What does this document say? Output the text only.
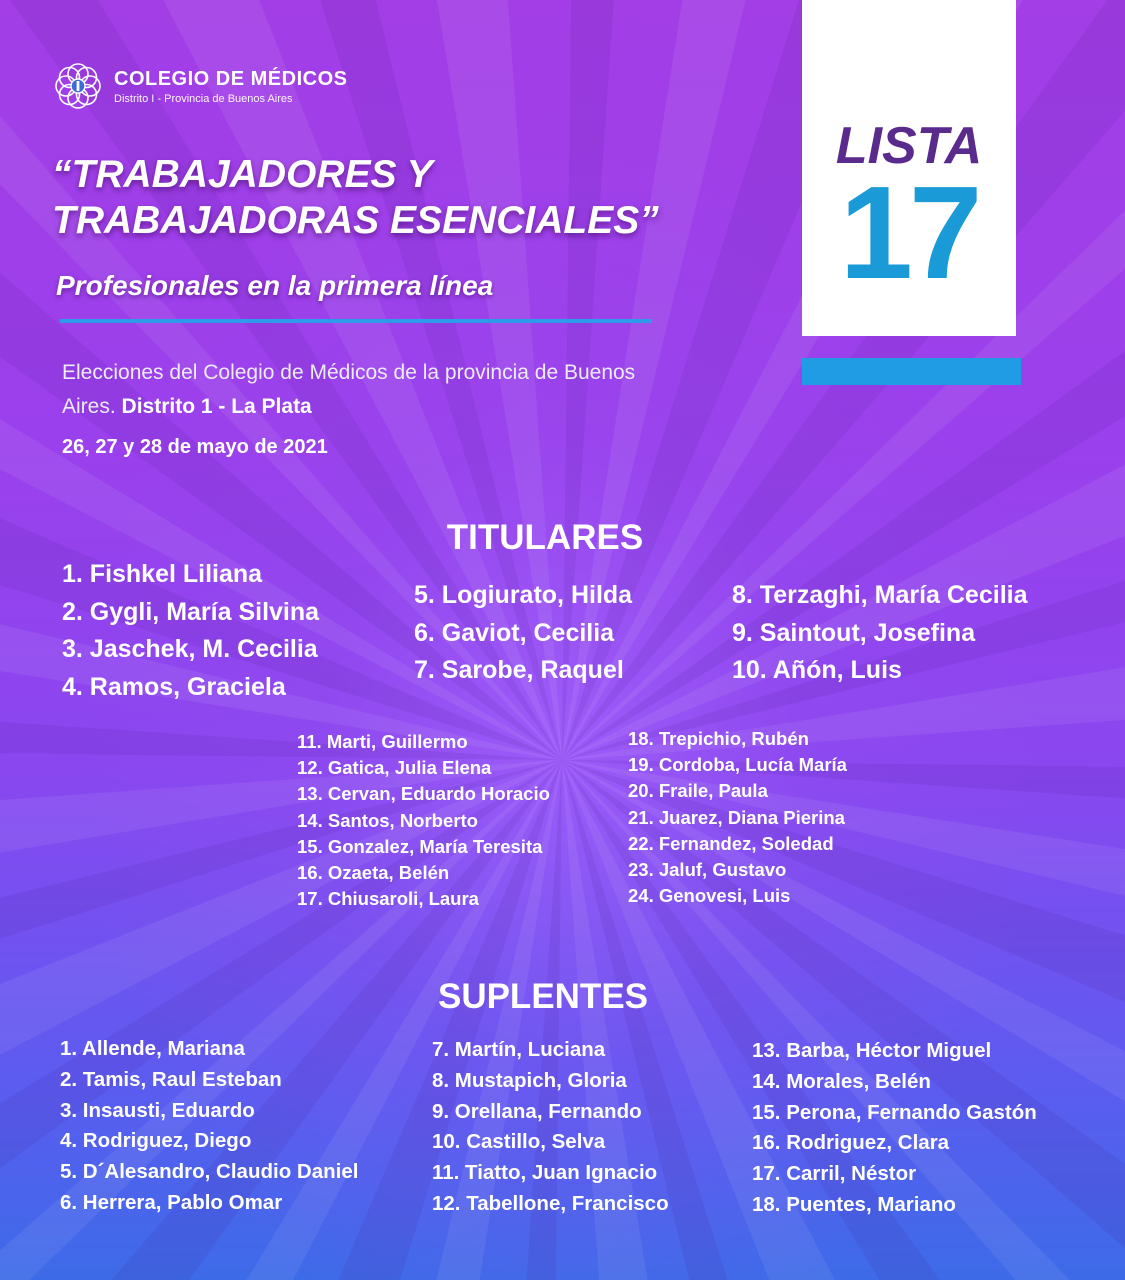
COLEGIO DE MÉDICOS
Distrito I - Provincia de Buenos Aires
“TRABAJADORES Y
TRABAJADORAS ESENCIALES”
Profesionales en la primera línea
Elecciones del Colegio de Médicos de la provincia de Buenos Aires. Distrito 1 - La Plata
26, 27 y 28 de mayo de 2021
LISTA
17
TITULARES
1. Fishkel Liliana
2. Gygli, María Silvina
3. Jaschek, M. Cecilia
4. Ramos, Graciela
5. Logiurato, Hilda
6. Gaviot, Cecilia
7. Sarobe, Raquel
8. Terzaghi, María Cecilia
9. Saintout, Josefina
10. Añón, Luis
11. Marti, Guillermo
12. Gatica, Julia Elena
13. Cervan, Eduardo Horacio
14. Santos, Norberto
15. Gonzalez, María Teresita
16. Ozaeta, Belén
17. Chiusaroli, Laura
18. Trepichio, Rubén
19. Cordoba, Lucía María
20. Fraile, Paula
21. Juarez, Diana Pierina
22. Fernandez, Soledad
23. Jaluf, Gustavo
24. Genovesi, Luis
SUPLENTES
1. Allende, Mariana
2. Tamis, Raul Esteban
3. Insausti, Eduardo
4. Rodriguez, Diego
5. D´Alesandro, Claudio Daniel
6. Herrera, Pablo Omar
7. Martín, Luciana
8. Mustapich, Gloria
9. Orellana, Fernando
10. Castillo, Selva
11. Tiatto, Juan Ignacio
12. Tabellone, Francisco
13. Barba, Héctor Miguel
14. Morales, Belén
15. Perona, Fernando Gastón
16. Rodriguez, Clara
17. Carril, Néstor
18. Puentes, Mariano
